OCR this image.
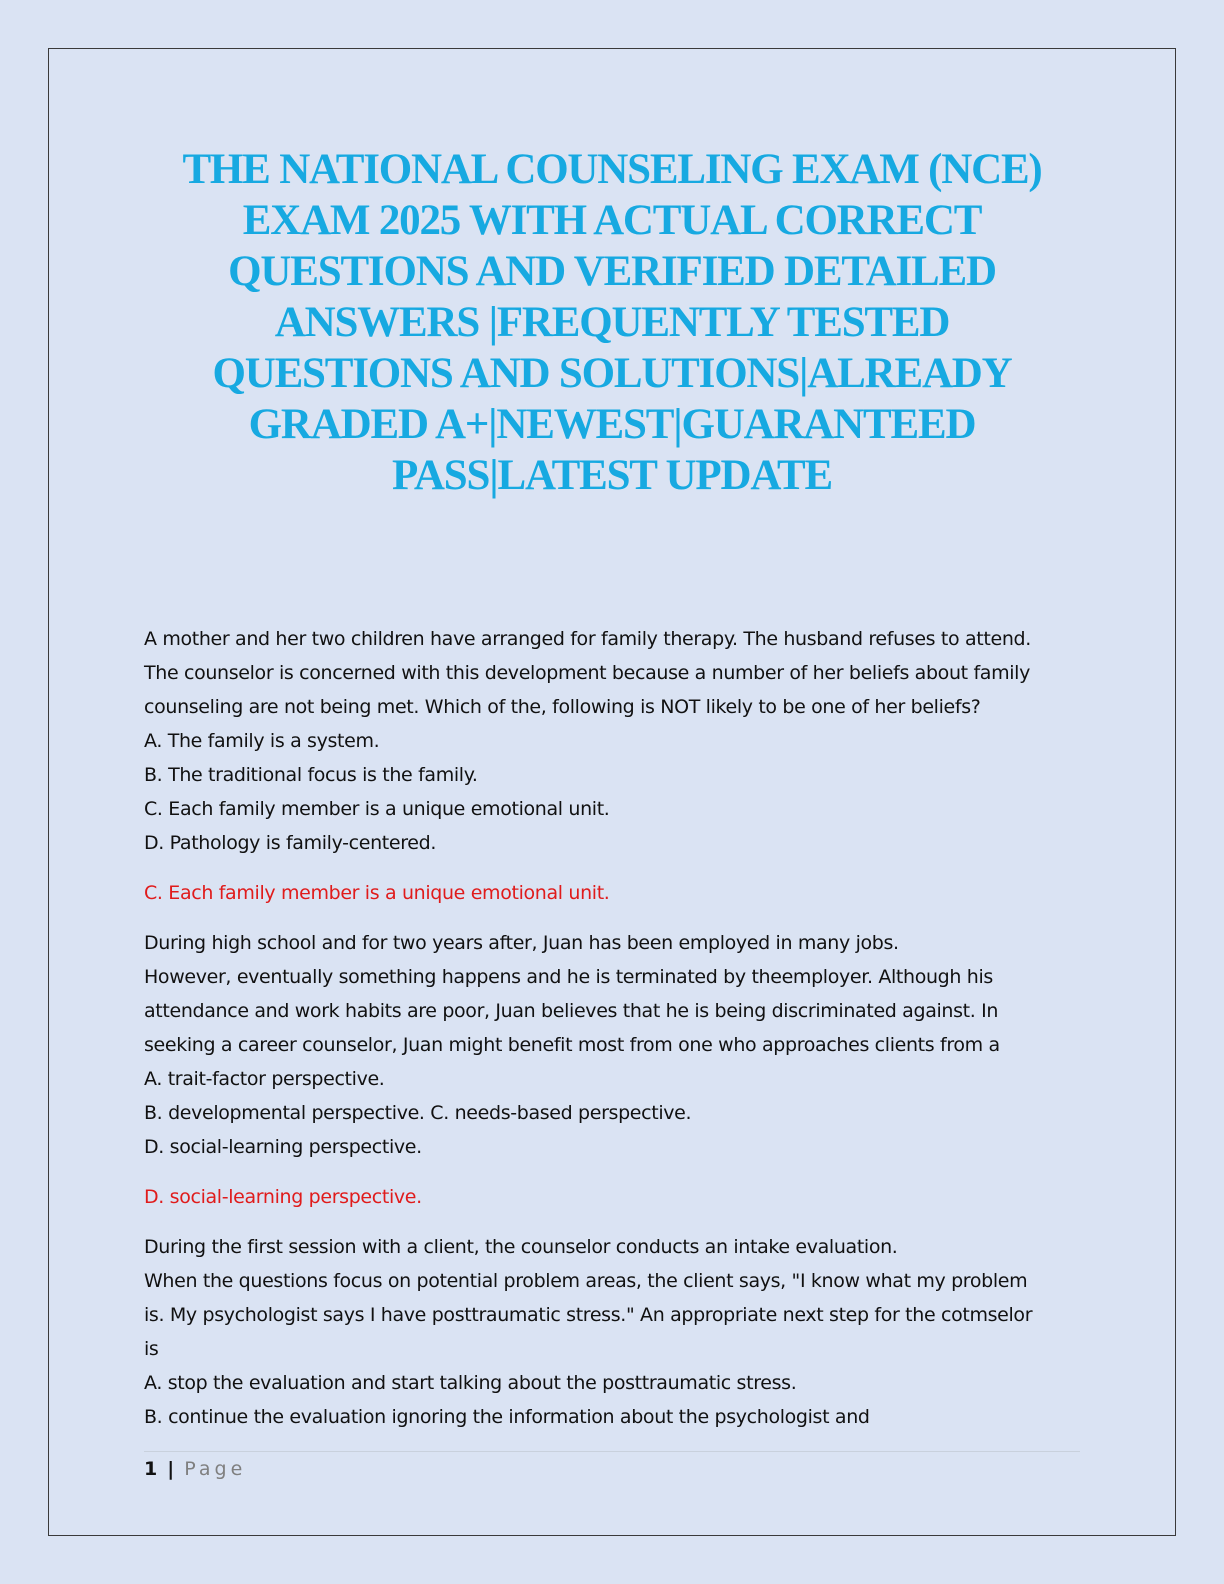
THE NATIONAL COUNSELING EXAM (NCE)
EXAM 2025 WITH ACTUAL CORRECT
QUESTIONS AND VERIFIED DETAILED
ANSWERS |FREQUENTLY TESTED
QUESTIONS AND SOLUTIONS|ALREADY
GRADED A+|NEWEST|GUARANTEED
PASS|LATEST UPDATE

A mother and her two children have arranged for family therapy. The husband refuses to attend.

The counselor is concerned with this development because a number of her beliefs about family

counseling are not being met. Which of the, following is NOT likely to be one of her beliefs?

A. The family is a system.

B. The traditional focus is the family.

C. Each family member is a unique emotional unit.

D. Pathology is family-centered.

C. Each family member is a unique emotional unit.

During high school and for two years after, Juan has been employed in many jobs.

However, eventually something happens and he is terminated by theemployer. Although his

attendance and work habits are poor, Juan believes that he is being discriminated against. In

seeking a career counselor, Juan might benefit most from one who approaches clients from a

A. trait-factor perspective.

B. developmental perspective. C. needs-based perspective.

D. social-learning perspective.

D. social-learning perspective.

During the first session with a client, the counselor conducts an intake evaluation.

When the questions focus on potential problem areas, the client says, "I know what my problem

is. My psychologist says I have posttraumatic stress." An appropriate next step for the cotmselor

is

A. stop the evaluation and start talking about the posttraumatic stress.

B. continue the evaluation ignoring the information about the psychologist and

1 | Page
